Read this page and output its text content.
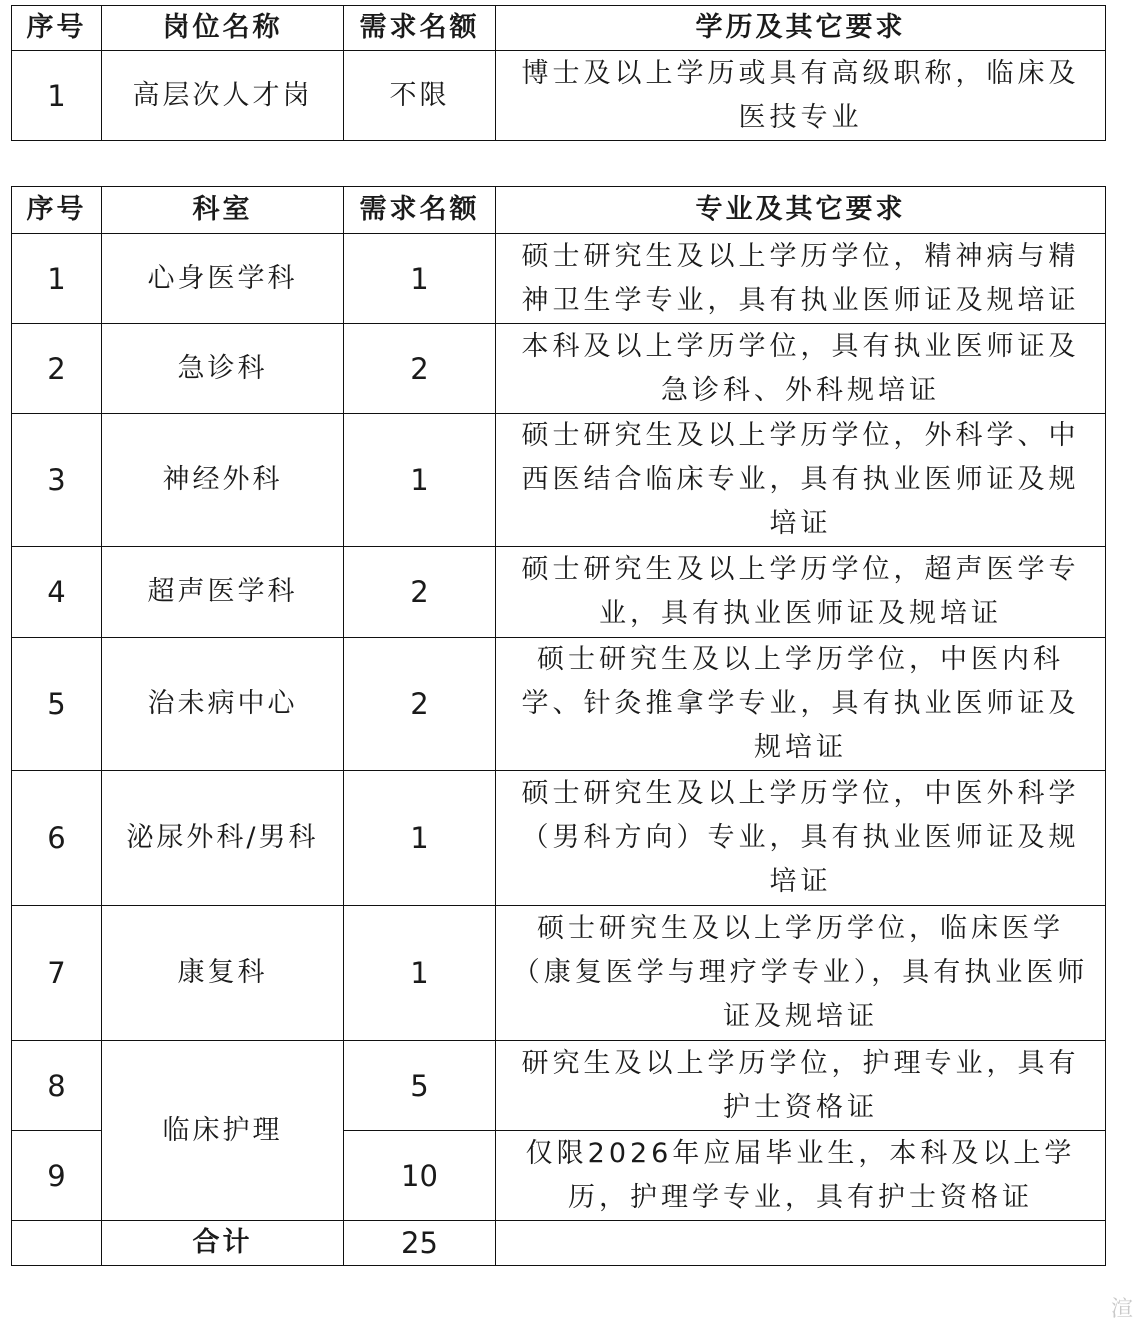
序号	岗位名称	需求名额	学历及其它要求
1	高层次人才岗	不限	博士及以上学历或具有高级职称，临床及医技专业
序号	科室	需求名额	专业及其它要求
1	心身医学科	1	硕士研究生及以上学历学位，精神病与精神卫生学专业，具有执业医师证及规培证
2	急诊科	2	本科及以上学历学位，具有执业医师证及急诊科、外科规培证
3	神经外科	1	硕士研究生及以上学历学位，外科学、中西医结合临床专业，具有执业医师证及规培证
4	超声医学科	2	硕士研究生及以上学历学位，超声医学专业，具有执业医师证及规培证
5	治未病中心	2	硕士研究生及以上学历学位，中医内科学、针灸推拿学专业，具有执业医师证及规培证
6	泌尿外科/男科	1	硕士研究生及以上学历学位，中医外科学（男科方向）专业，具有执业医师证及规培证
7	康复科	1	硕士研究生及以上学历学位，临床医学（康复医学与理疗学专业），具有执业医师证及规培证
8	临床护理	5	研究生及以上学历学位，护理专业，具有护士资格证
9		10	仅限2026年应届毕业生，本科及以上学历，护理学专业，具有护士资格证
	合计	25	
渲
